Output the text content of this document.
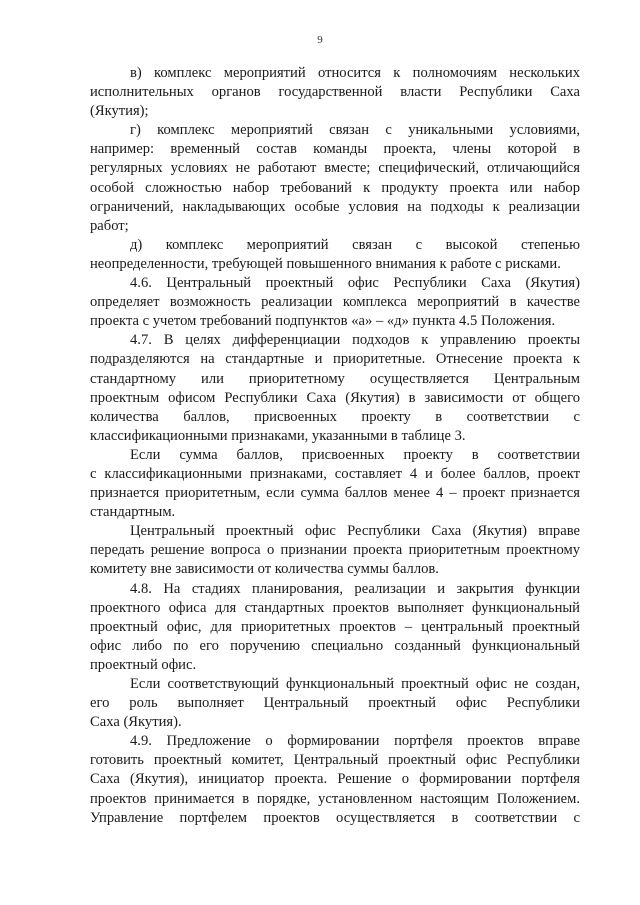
9
в) комплекс мероприятий относится к полномочиям нескольких
исполнительных органов государственной власти Республики Саха
(Якутия);
г) комплекс мероприятий связан с уникальными условиями,
например: временный состав команды проекта, члены которой в
регулярных условиях не работают вместе; специфический, отличающийся
особой сложностью набор требований к продукту проекта или набор
ограничений, накладывающих особые условия на подходы к реализации
работ;
д) комплекс мероприятий связан с высокой степенью
неопределенности, требующей повышенного внимания к работе с рисками.
4.6. Центральный проектный офис Республики Саха (Якутия)
определяет возможность реализации комплекса мероприятий в качестве
проекта с учетом требований подпунктов «а» – «д» пункта 4.5 Положения.
4.7. В целях дифференциации подходов к управлению проекты
подразделяются на стандартные и приоритетные. Отнесение проекта к
стандартному или приоритетному осуществляется Центральным
проектным офисом Республики Саха (Якутия) в зависимости от общего
количества баллов, присвоенных проекту в соответствии с
классификационными признаками, указанными в таблице 3.
Если сумма баллов, присвоенных проекту в соответствии
с классификационными признаками, составляет 4 и более баллов, проект
признается приоритетным, если сумма баллов менее 4 – проект признается
стандартным.
Центральный проектный офис Республики Саха (Якутия) вправе
передать решение вопроса о признании проекта приоритетным проектному
комитету вне зависимости от количества суммы баллов.
4.8. На стадиях планирования, реализации и закрытия функции
проектного офиса для стандартных проектов выполняет функциональный
проектный офис, для приоритетных проектов – центральный проектный
офис либо по его поручению специально созданный функциональный
проектный офис.
Если соответствующий функциональный проектный офис не создан,
его роль выполняет Центральный проектный офис Республики
Саха (Якутия).
4.9. Предложение о формировании портфеля проектов вправе
готовить проектный комитет, Центральный проектный офис Республики
Саха (Якутия), инициатор проекта. Решение о формировании портфеля
проектов принимается в порядке, установленном настоящим Положением.
Управление портфелем проектов осуществляется в соответствии с
